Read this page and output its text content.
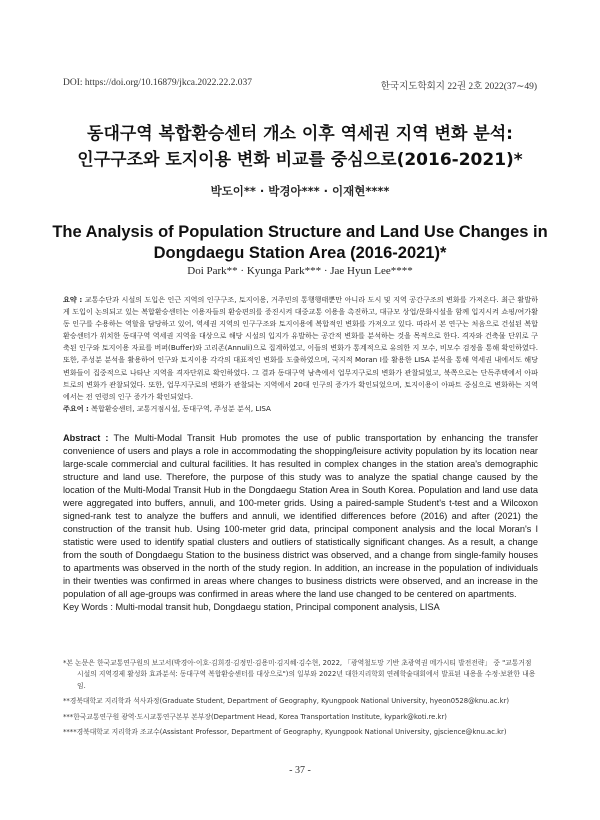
DOI: https://doi.org/10.16879/jkca.2022.22.2.037	한국지도학회지 22권 2호 2022(37∼49)
동대구역 복합환승센터 개소 이후 역세권 지역 변화 분석:
인구구조와 토지이용 변화 비교를 중심으로(2016-2021)*
박도이** · 박경아*** · 이재현****
The Analysis of Population Structure and Land Use Changes in
Dongdaegu Station Area (2016-2021)*
Doi Park** · Kyunga Park*** · Jae Hyun Lee****
요약 : 교통수단과 시설의 도입은 인근 지역의 인구구조, 토지이용, 거주민의 통행행태뿐만 아니라 도시 및 지역 공간구조의 변화를 가져온다. 최근 활발하게 도입이 논의되고 있는 복합환승센터는 이용자들의 환승편의를 증진시켜 대중교통 이용을 촉진하고, 대규모 상업/문화시설을 함께 입지시켜 쇼핑/여가활동 인구를 수용하는 역할을 담당하고 있어, 역세권 지역의 인구구조와 토지이용에 복합적인 변화를 가져오고 있다. 따라서 본 연구는 처음으로 건설된 복합환승센터가 위치한 동대구역 역세권 지역을 대상으로 해당 시설의 입지가 유발하는 공간적 변화를 분석하는 것을 목적으로 한다. 격자와 건축물 단위로 구축된 인구와 토지이용 자료를 버퍼(Buffer)와 고리존(Annuli)으로 집계하였고, 이들의 변화가 통계적으로 유의한 지 모수, 비모수 검정을 통해 확인하였다. 또한, 주성분 분석을 활용하여 인구와 토지이용 각각의 대표적인 변화를 도출하였으며, 국지적 Moran I를 활용한 LISA 분석을 통해 역세권 내에서도 해당 변화들이 집중적으로 나타난 지역을 격자단위로 확인하였다. 그 결과 동대구역 남측에서 업무지구로의 변화가 관찰되었고, 북쪽으로는 단독주택에서 아파트로의 변화가 관찰되었다. 또한, 업무지구로의 변화가 관찰되는 지역에서 20대 인구의 증가가 확인되었으며, 토지이용이 아파트 중심으로 변화하는 지역에서는 전 연령의 인구 증가가 확인되었다.
주요어 : 복합환승센터, 교통거점시설, 동대구역, 주성분 분석, LISA
Abstract : The Multi-Modal Transit Hub promotes the use of public transportation by enhancing the transfer convenience of users and plays a role in accommodating the shopping/leisure activity population by its location near large-scale commercial and cultural facilities. It has resulted in complex changes in the station area's demographic structure and land use. Therefore, the purpose of this study was to analyze the spatial change caused by the location of the Multi-Modal Transit Hub in the Dongdaegu Station Area in South Korea. Population and land use data were aggregated into buffers, annuli, and 100-meter grids. Using a paired-sample Student's t-test and a Wilcoxon signed-rank test to analyze the buffers and annuli, we identified differences before (2016) and after (2021) the construction of the transit hub. Using 100-meter grid data, principal component analysis and the local Moran's I statistic were used to identify spatial clusters and outliers of statistically significant changes. As a result, a change from the south of Dongdaegu Station to the business district was observed, and a change from single-family houses to apartments was observed in the north of the study region. In addition, an increase in the population of individuals in their twenties was confirmed in areas where changes to business districts were observed, and an increase in the population of all age-groups was confirmed in areas where the land use changed to be centered on apartments.
Key Words : Multi-modal transit hub, Dongdaegu station, Principal component analysis, LISA

*본 논문은 한국교통연구원의 보고서(박경아·이호·김희경·김정민·김용미·김지혜·김수현, 2022, 「광역철도망 기반 초광역권 메가시티 발전전략」 중 "교통거점시설의 지역경제 활성화 효과분석: 동대구역 복합환승센터를 대상으로")의 일부와 2022년 대한지리학회 연례학술대회에서 발표된 내용을 수정·보완한 내용임.

**경북대학교 지리학과 석사과정(Graduate Student, Department of Geography, Kyungpook National University, hyeon0528@knu.ac.kr)

***한국교통연구원 광역·도시교통연구본부 본부장(Department Head, Korea Transportation Institute, kypark@koti.re.kr)

****경북대학교 지리학과 조교수(Assistant Professor, Department of Geography, Kyungpook National University, gjscience@knu.ac.kr)

- 37 -
